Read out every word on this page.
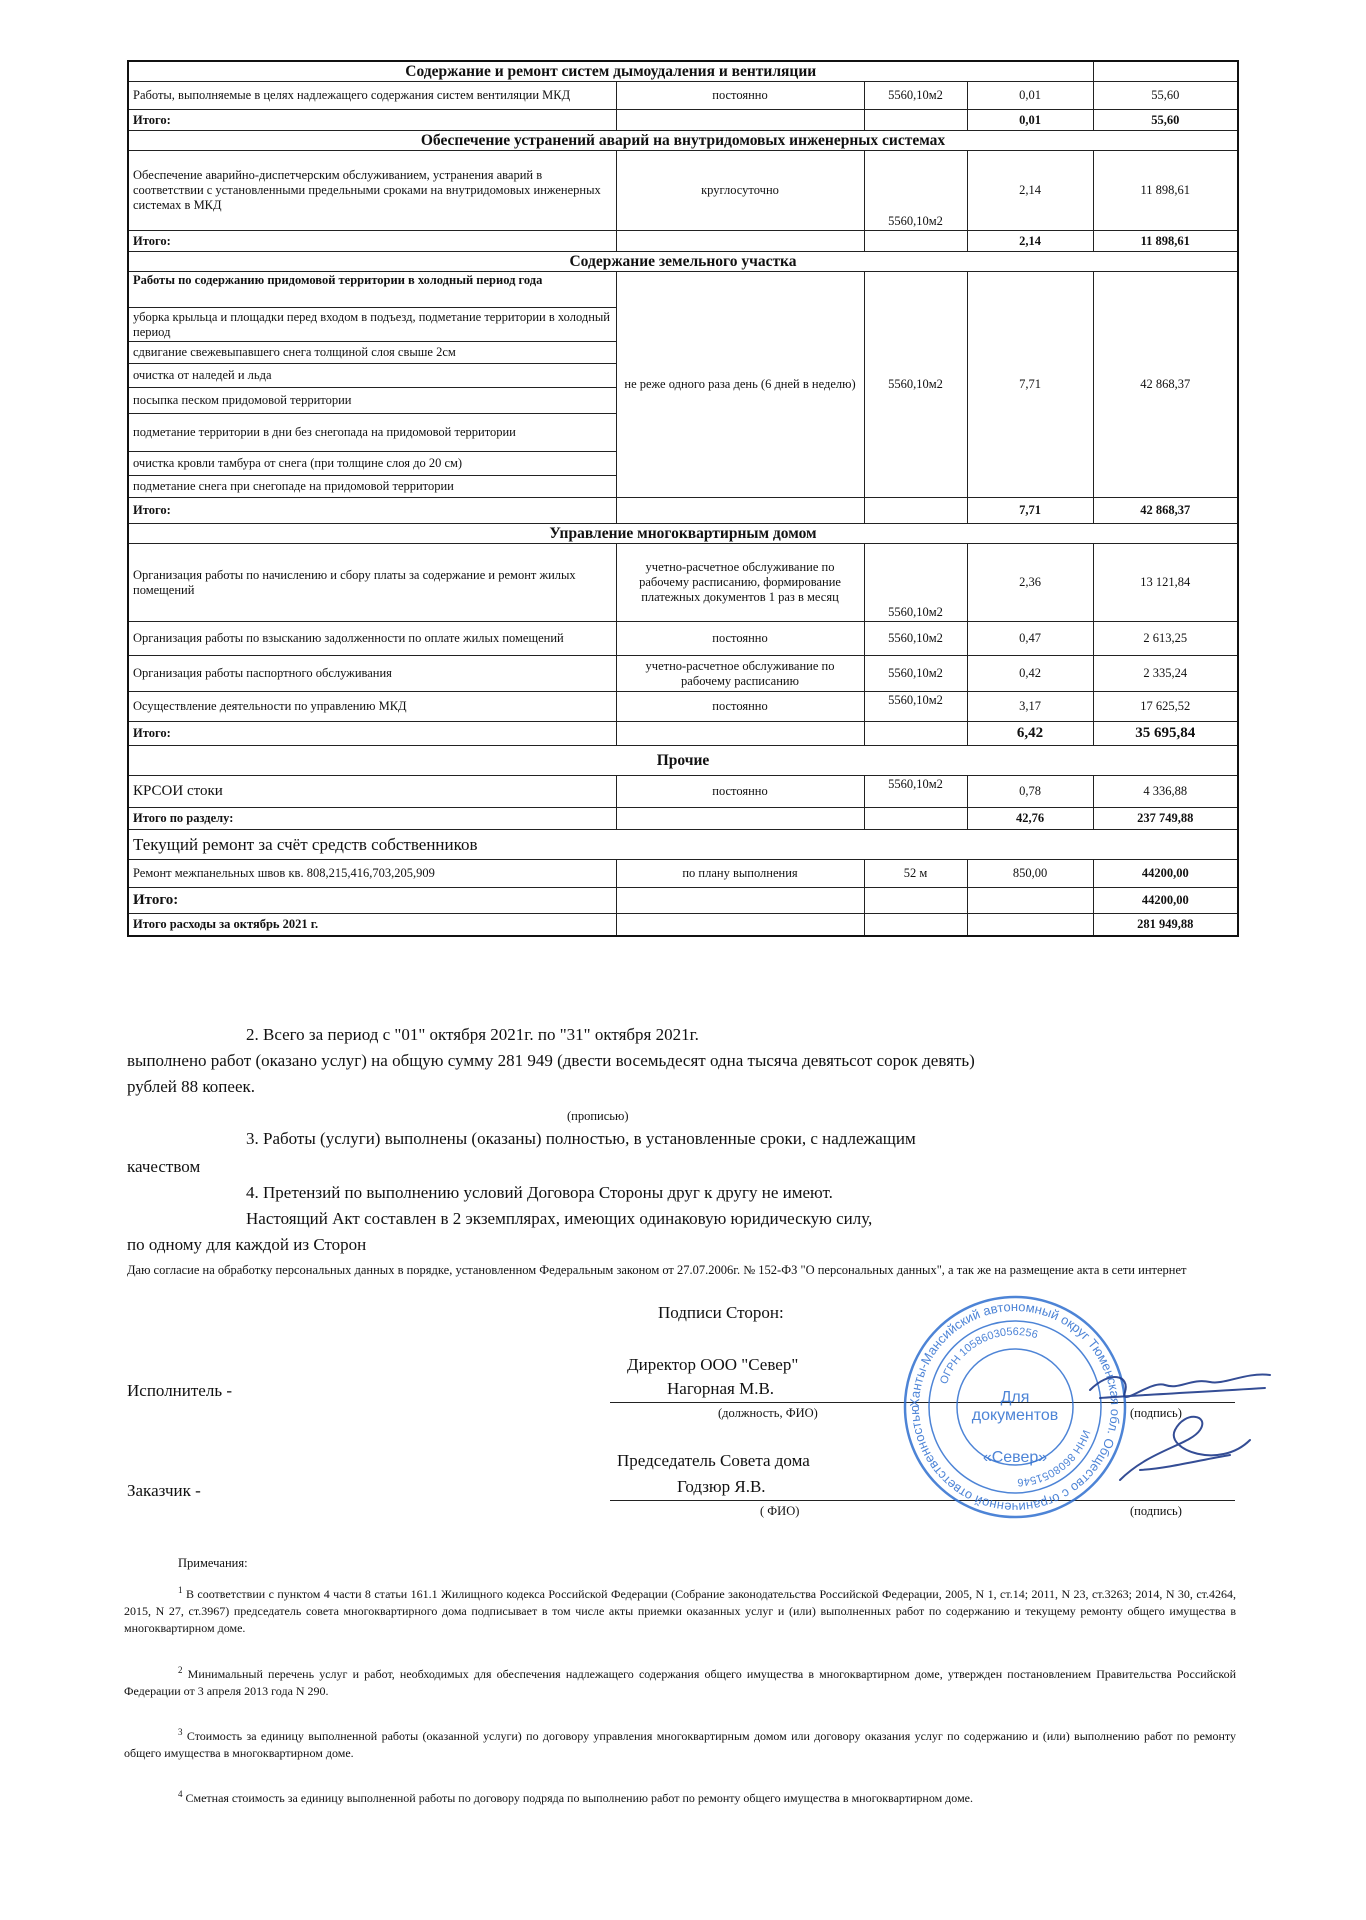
Содержание и ремонт систем дымоудаления и вентиляции				
Работы, выполняемые в целях надлежащего содержания систем вентиляции МКД	постоянно	5560,10м2	0,01	55,60
Итого:			0,01	55,60
Обеспечение устранений аварий на внутридомовых инженерных системах				
Обеспечение аварийно-диспетчерским обслуживанием, устранения аварий в соответствии с установленными предельными сроками на внутридомовых инженерных системах в МКД	круглосуточно	5560,10м2	2,14	11 898,61
Итого:			2,14	11 898,61
Содержание земельного участка				
Работы по содержанию придомовой территории в холодный период года	не реже одного раза день (6 дней в неделю)	5560,10м2	7,71	42 868,37
уборка крыльца и площадки перед входом в подъезд, подметание территории в холодный период				
сдвигание свежевыпавшего снега толщиной слоя свыше 2см				
очистка от наледей и льда				
посыпка песком придомовой территории				
подметание территории в дни без снегопада на придомовой территории				
очистка кровли тамбура от снега (при толщине слоя до 20 см)				
подметание снега при снегопаде на придомовой территории				
Итого:			7,71	42 868,37
Управление многоквартирным домом				
Организация работы по начислению и сбору платы за содержание и ремонт жилых помещений	учетно-расчетное обслуживание по рабочему расписанию, формирование платежных документов 1 раз в месяц	5560,10м2	2,36	13 121,84
Организация работы по взысканию задолженности по оплате жилых помещений	постоянно	5560,10м2	0,47	2 613,25
Организация работы паспортного обслуживания	учетно-расчетное обслуживание по рабочему расписанию	5560,10м2	0,42	2 335,24
Осуществление деятельности по управлению МКД	постоянно	5560,10м2	3,17	17 625,52
Итого:			6,42	35 695,84
Прочие				
КРСОИ стоки	постоянно	5560,10м2	0,78	4 336,88
Итого по разделу:			42,76	237 749,88
Текущий ремонт за счёт средств собственников				
Ремонт межпанельных швов кв. 808,215,416,703,205,909	по плану выполнения	52 м	850,00	44200,00
Итого:				44200,00
Итого расходы за октябрь 2021 г.				281 949,88
2. Всего за период с "01" октября 2021г. по "31" октября 2021г.
выполнено работ (оказано услуг) на общую сумму 281 949 (двести восемьдесят одна тысяча девятьсот сорок девять)
рублей 88 копеек.
(прописью)
3. Работы (услуги) выполнены (оказаны) полностью, в установленные сроки, с надлежащим
качеством
4. Претензий по выполнению условий Договора Стороны друг к другу не имеют.
Настоящий Акт составлен в 2 экземплярах, имеющих одинаковую юридическую силу,
по одному для каждой из Сторон
Даю согласие на обработку персональных данных в порядке, установленном Федеральным законом от 27.07.2006г. № 152-ФЗ "О персональных данных", а так же на размещение акта в сети интернет
Подписи Сторон:
Директор ООО "Север"
Нагорная М.В.
Исполнитель -
(должность, ФИО)	(подпись)
Председатель Совета дома
Годзюр Я.В.
Заказчик -
( ФИО)	(подпись)
Ханты-Мансийский автономный округ Тюменская обл. Общество с ограниченной ответственностью
ОГРН 1058603056256
ИНН 8608051546
Для
документов
«Север»
Примечания:
$^1$ В соответствии с пунктом 4 части 8 статьи 161.1 Жилищного кодекса Российской Федерации (Собрание законодательства Российской Федерации, 2005, N 1, ст.14; 2011, N 23, ст.3263; 2014, N 30, ст.4264, 2015, N 27, ст.3967) председатель совета многоквартирного дома подписывает в том числе акты приемки оказанных услуг и (или) выполненных работ по содержанию и текущему ремонту общего имущества в многоквартирном доме.
$^2$ Минимальный перечень услуг и работ, необходимых для обеспечения надлежащего содержания общего имущества в многоквартирном доме, утвержден постановлением Правительства Российской Федерации от 3 апреля 2013 года N 290.
$^3$ Стоимость за единицу выполненной работы (оказанной услуги) по договору управления многоквартирным домом или договору оказания услуг по содержанию и (или) выполнению работ по ремонту общего имущества в многоквартирном доме.
$^4$ Сметная стоимость за единицу выполненной работы по договору подряда по выполнению работ по ремонту общего имущества в многоквартирном доме.
